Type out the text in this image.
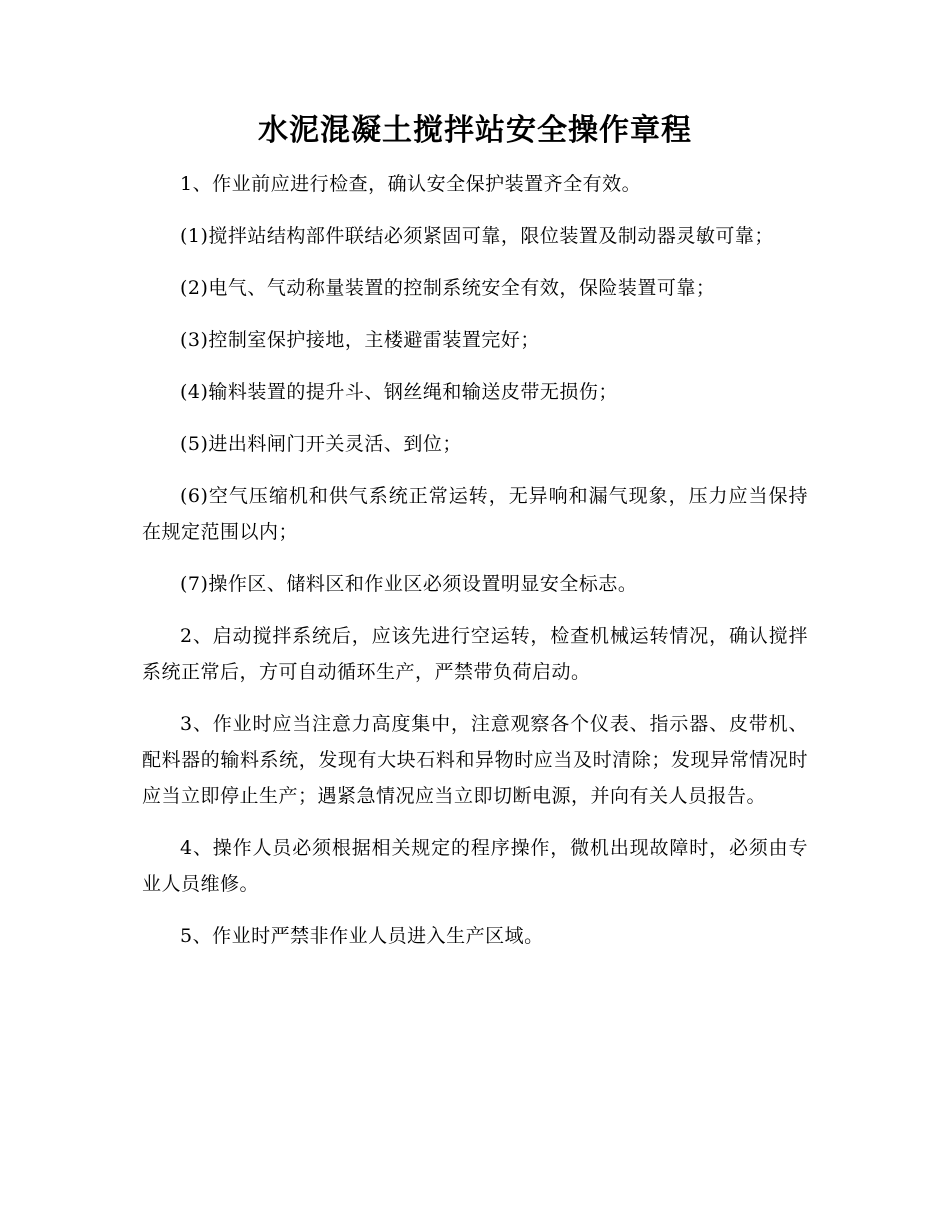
水泥混凝土搅拌站安全操作章程

1、作业前应进行检查，确认安全保护装置齐全有效。

(1)搅拌站结构部件联结必须紧固可靠，限位装置及制动器灵敏可靠；

(2)电气、气动称量装置的控制系统安全有效，保险装置可靠；

(3)控制室保护接地，主楼避雷装置完好；

(4)输料装置的提升斗、钢丝绳和输送皮带无损伤；

(5)进出料闸门开关灵活、到位；

(6)空气压缩机和供气系统正常运转，无异响和漏气现象，压力应当保持在规定范围以内；

(7)操作区、储料区和作业区必须设置明显安全标志。

2、启动搅拌系统后，应该先进行空运转，检查机械运转情况，确认搅拌系统正常后，方可自动循环生产，严禁带负荷启动。

3、作业时应当注意力高度集中，注意观察各个仪表、指示器、皮带机、配料器的输料系统，发现有大块石料和异物时应当及时清除；发现异常情况时应当立即停止生产；遇紧急情况应当立即切断电源，并向有关人员报告。

4、操作人员必须根据相关规定的程序操作，微机出现故障时，必须由专业人员维修。

5、作业时严禁非作业人员进入生产区域。
